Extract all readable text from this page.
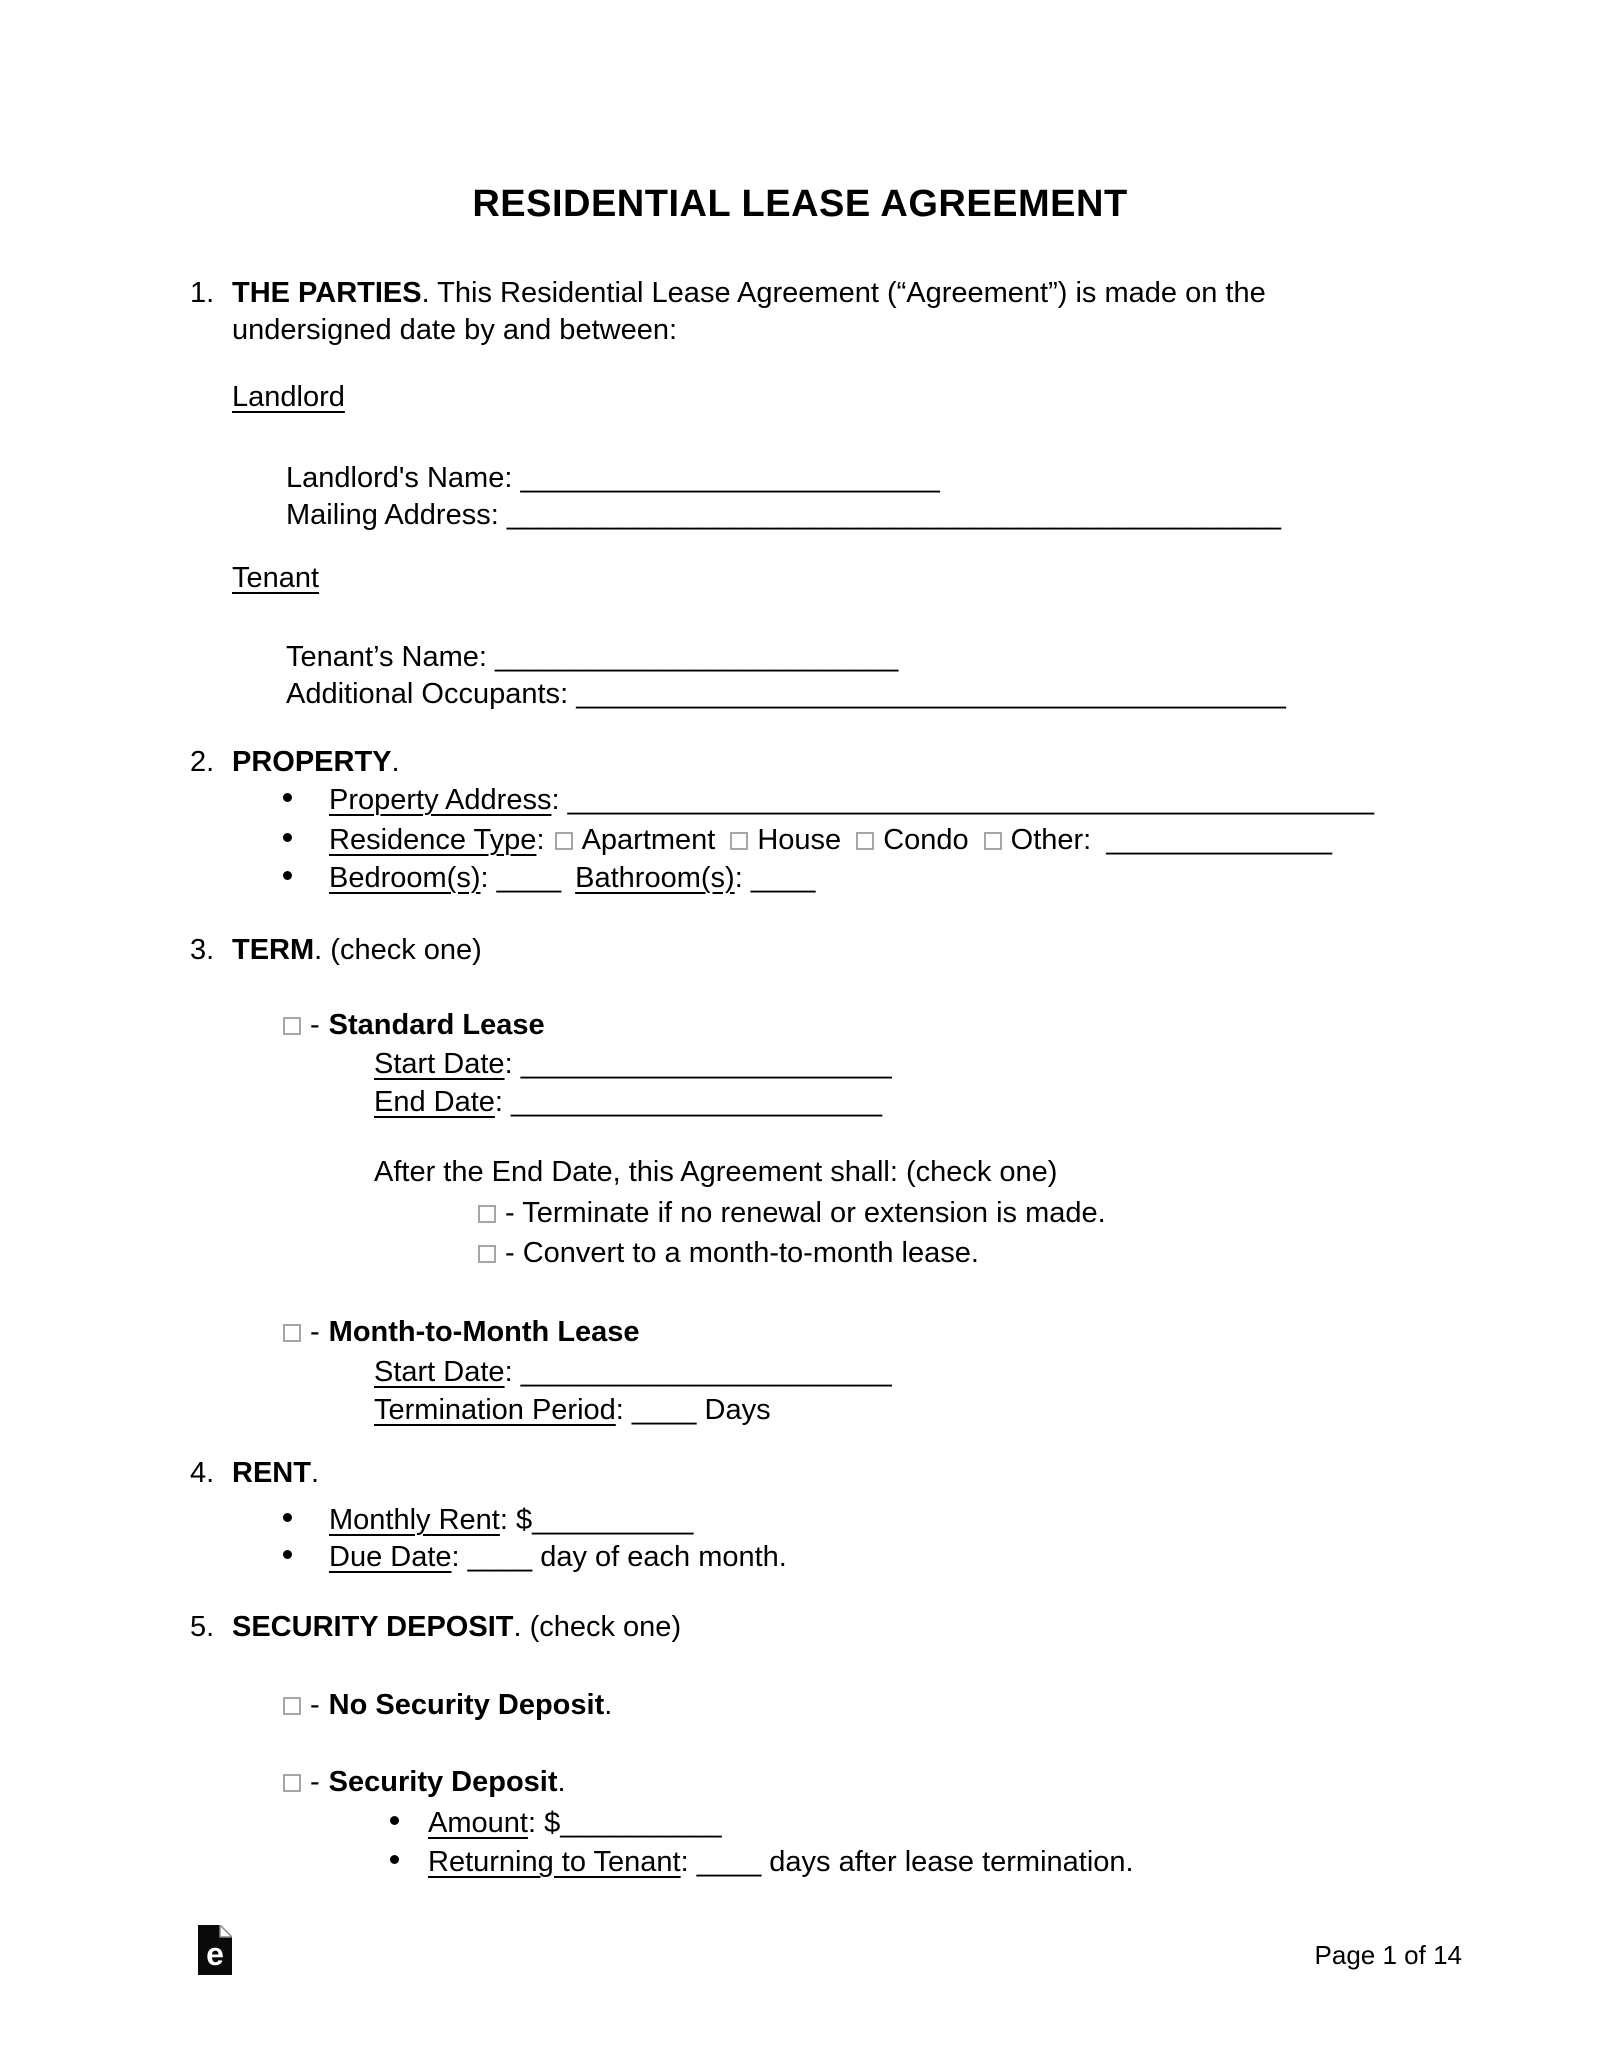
RESIDENTIAL LEASE AGREEMENT
1. THE PARTIES. This Residential Lease Agreement (“Agreement”) is made on the
undersigned date by and between:
Landlord
Landlord's Name: __________________________
Mailing Address: ________________________________________________
Tenant
Tenant’s Name: _________________________
Additional Occupants: ____________________________________________
2. PROPERTY.
Property Address: __________________________________________________
Residence Type: Apartment House Condo Other: ______________
Bedroom(s): ____ Bathroom(s): ____
3. TERM. (check one)
- Standard Lease
Start Date: _______________________
End Date: _______________________
After the End Date, this Agreement shall: (check one)
- Terminate if no renewal or extension is made.
- Convert to a month-to-month lease.
- Month-to-Month Lease
Start Date: _______________________
Termination Period: ____ Days
4. RENT.
Monthly Rent: $__________
Due Date: ____ day of each month.
5. SECURITY DEPOSIT. (check one)
- No Security Deposit.
- Security Deposit.
Amount: $__________
Returning to Tenant: ____ days after lease termination.
e	Page 1 of 14
